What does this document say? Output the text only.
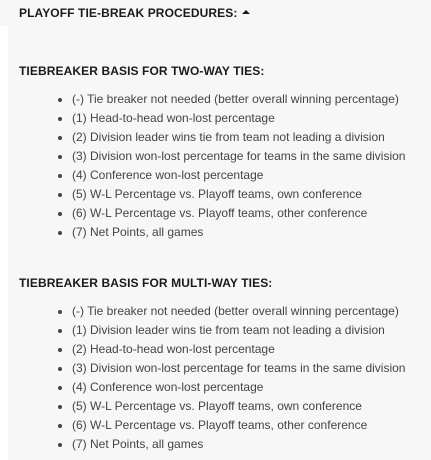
PLAYOFF TIE-BREAK PROCEDURES:
TIEBREAKER BASIS FOR TWO-WAY TIES:
(-) Tie breaker not needed (better overall winning percentage)
(1) Head-to-head won-lost percentage
(2) Division leader wins tie from team not leading a division
(3) Division won-lost percentage for teams in the same division
(4) Conference won-lost percentage
(5) W-L Percentage vs. Playoff teams, own conference
(6) W-L Percentage vs. Playoff teams, other conference
(7) Net Points, all games
TIEBREAKER BASIS FOR MULTI-WAY TIES:
(-) Tie breaker not needed (better overall winning percentage)
(1) Division leader wins tie from team not leading a division
(2) Head-to-head won-lost percentage
(3) Division won-lost percentage for teams in the same division
(4) Conference won-lost percentage
(5) W-L Percentage vs. Playoff teams, own conference
(6) W-L Percentage vs. Playoff teams, other conference
(7) Net Points, all games
